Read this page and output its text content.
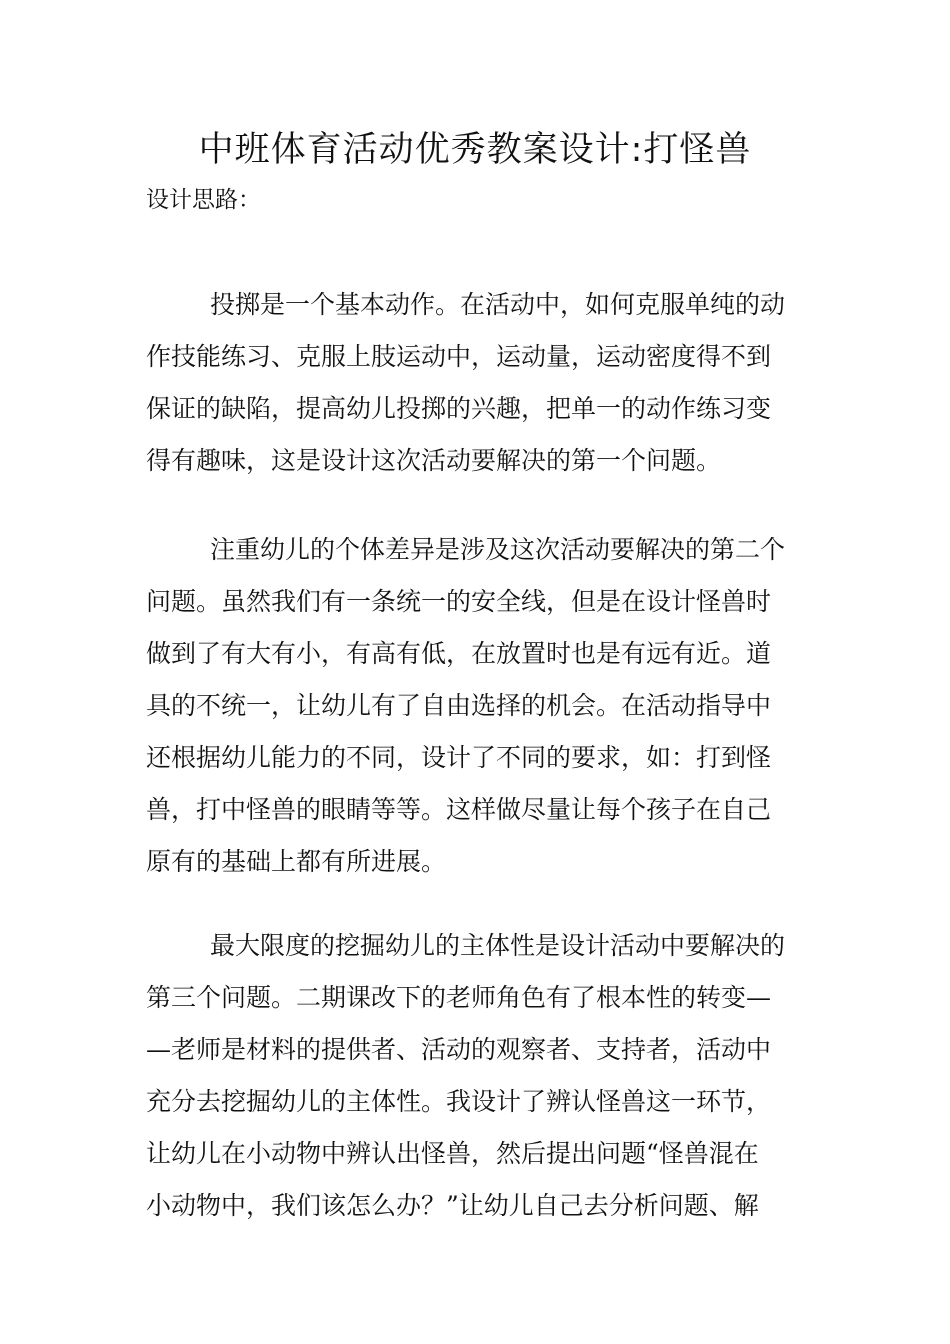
中班体育活动优秀教案设计:打怪兽
设计思路：
投掷是一个基本动作。在活动中，如何克服单纯的动
作技能练习、克服上肢运动中，运动量，运动密度得不到
保证的缺陷，提高幼儿投掷的兴趣，把单一的动作练习变
得有趣味，这是设计这次活动要解决的第一个问题。
注重幼儿的个体差异是涉及这次活动要解决的第二个
问题。虽然我们有一条统一的安全线，但是在设计怪兽时
做到了有大有小，有高有低，在放置时也是有远有近。道
具的不统一，让幼儿有了自由选择的机会。在活动指导中
还根据幼儿能力的不同，设计了不同的要求，如：打到怪
兽，打中怪兽的眼睛等等。这样做尽量让每个孩子在自己
原有的基础上都有所进展。
最大限度的挖掘幼儿的主体性是设计活动中要解决的
第三个问题。二期课改下的老师角色有了根本性的转变—
—老师是材料的提供者、活动的观察者、支持者，活动中
充分去挖掘幼儿的主体性。我设计了辨认怪兽这一环节，
让幼儿在小动物中辨认出怪兽，然后提出问题“怪兽混在
小动物中，我们该怎么办？”让幼儿自己去分析问题、解
